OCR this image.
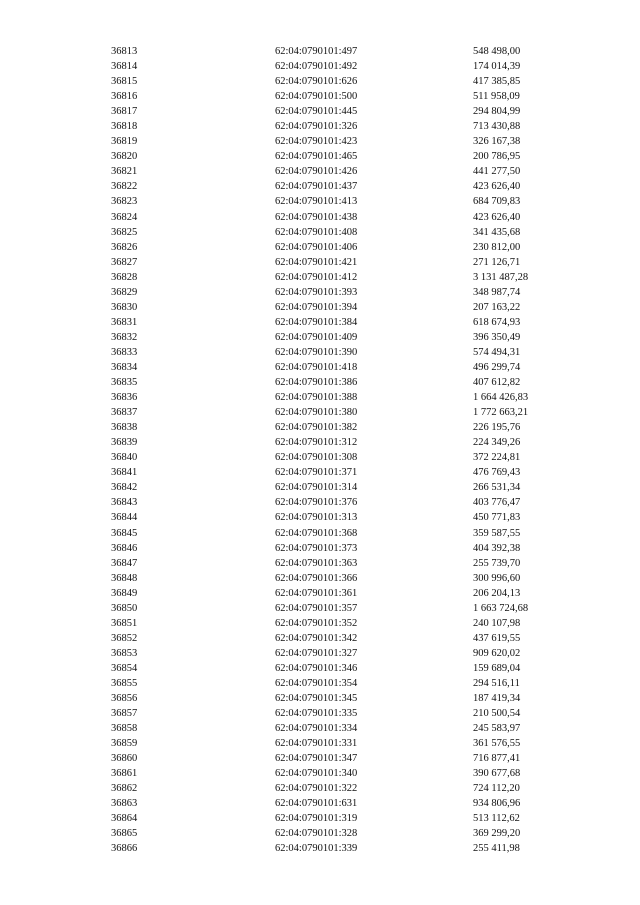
36813	62:04:0790101:497	548 498,00
36814	62:04:0790101:492	174 014,39
36815	62:04:0790101:626	417 385,85
36816	62:04:0790101:500	511 958,09
36817	62:04:0790101:445	294 804,99
36818	62:04:0790101:326	713 430,88
36819	62:04:0790101:423	326 167,38
36820	62:04:0790101:465	200 786,95
36821	62:04:0790101:426	441 277,50
36822	62:04:0790101:437	423 626,40
36823	62:04:0790101:413	684 709,83
36824	62:04:0790101:438	423 626,40
36825	62:04:0790101:408	341 435,68
36826	62:04:0790101:406	230 812,00
36827	62:04:0790101:421	271 126,71
36828	62:04:0790101:412	3 131 487,28
36829	62:04:0790101:393	348 987,74
36830	62:04:0790101:394	207 163,22
36831	62:04:0790101:384	618 674,93
36832	62:04:0790101:409	396 350,49
36833	62:04:0790101:390	574 494,31
36834	62:04:0790101:418	496 299,74
36835	62:04:0790101:386	407 612,82
36836	62:04:0790101:388	1 664 426,83
36837	62:04:0790101:380	1 772 663,21
36838	62:04:0790101:382	226 195,76
36839	62:04:0790101:312	224 349,26
36840	62:04:0790101:308	372 224,81
36841	62:04:0790101:371	476 769,43
36842	62:04:0790101:314	266 531,34
36843	62:04:0790101:376	403 776,47
36844	62:04:0790101:313	450 771,83
36845	62:04:0790101:368	359 587,55
36846	62:04:0790101:373	404 392,38
36847	62:04:0790101:363	255 739,70
36848	62:04:0790101:366	300 996,60
36849	62:04:0790101:361	206 204,13
36850	62:04:0790101:357	1 663 724,68
36851	62:04:0790101:352	240 107,98
36852	62:04:0790101:342	437 619,55
36853	62:04:0790101:327	909 620,02
36854	62:04:0790101:346	159 689,04
36855	62:04:0790101:354	294 516,11
36856	62:04:0790101:345	187 419,34
36857	62:04:0790101:335	210 500,54
36858	62:04:0790101:334	245 583,97
36859	62:04:0790101:331	361 576,55
36860	62:04:0790101:347	716 877,41
36861	62:04:0790101:340	390 677,68
36862	62:04:0790101:322	724 112,20
36863	62:04:0790101:631	934 806,96
36864	62:04:0790101:319	513 112,62
36865	62:04:0790101:328	369 299,20
36866	62:04:0790101:339	255 411,98
